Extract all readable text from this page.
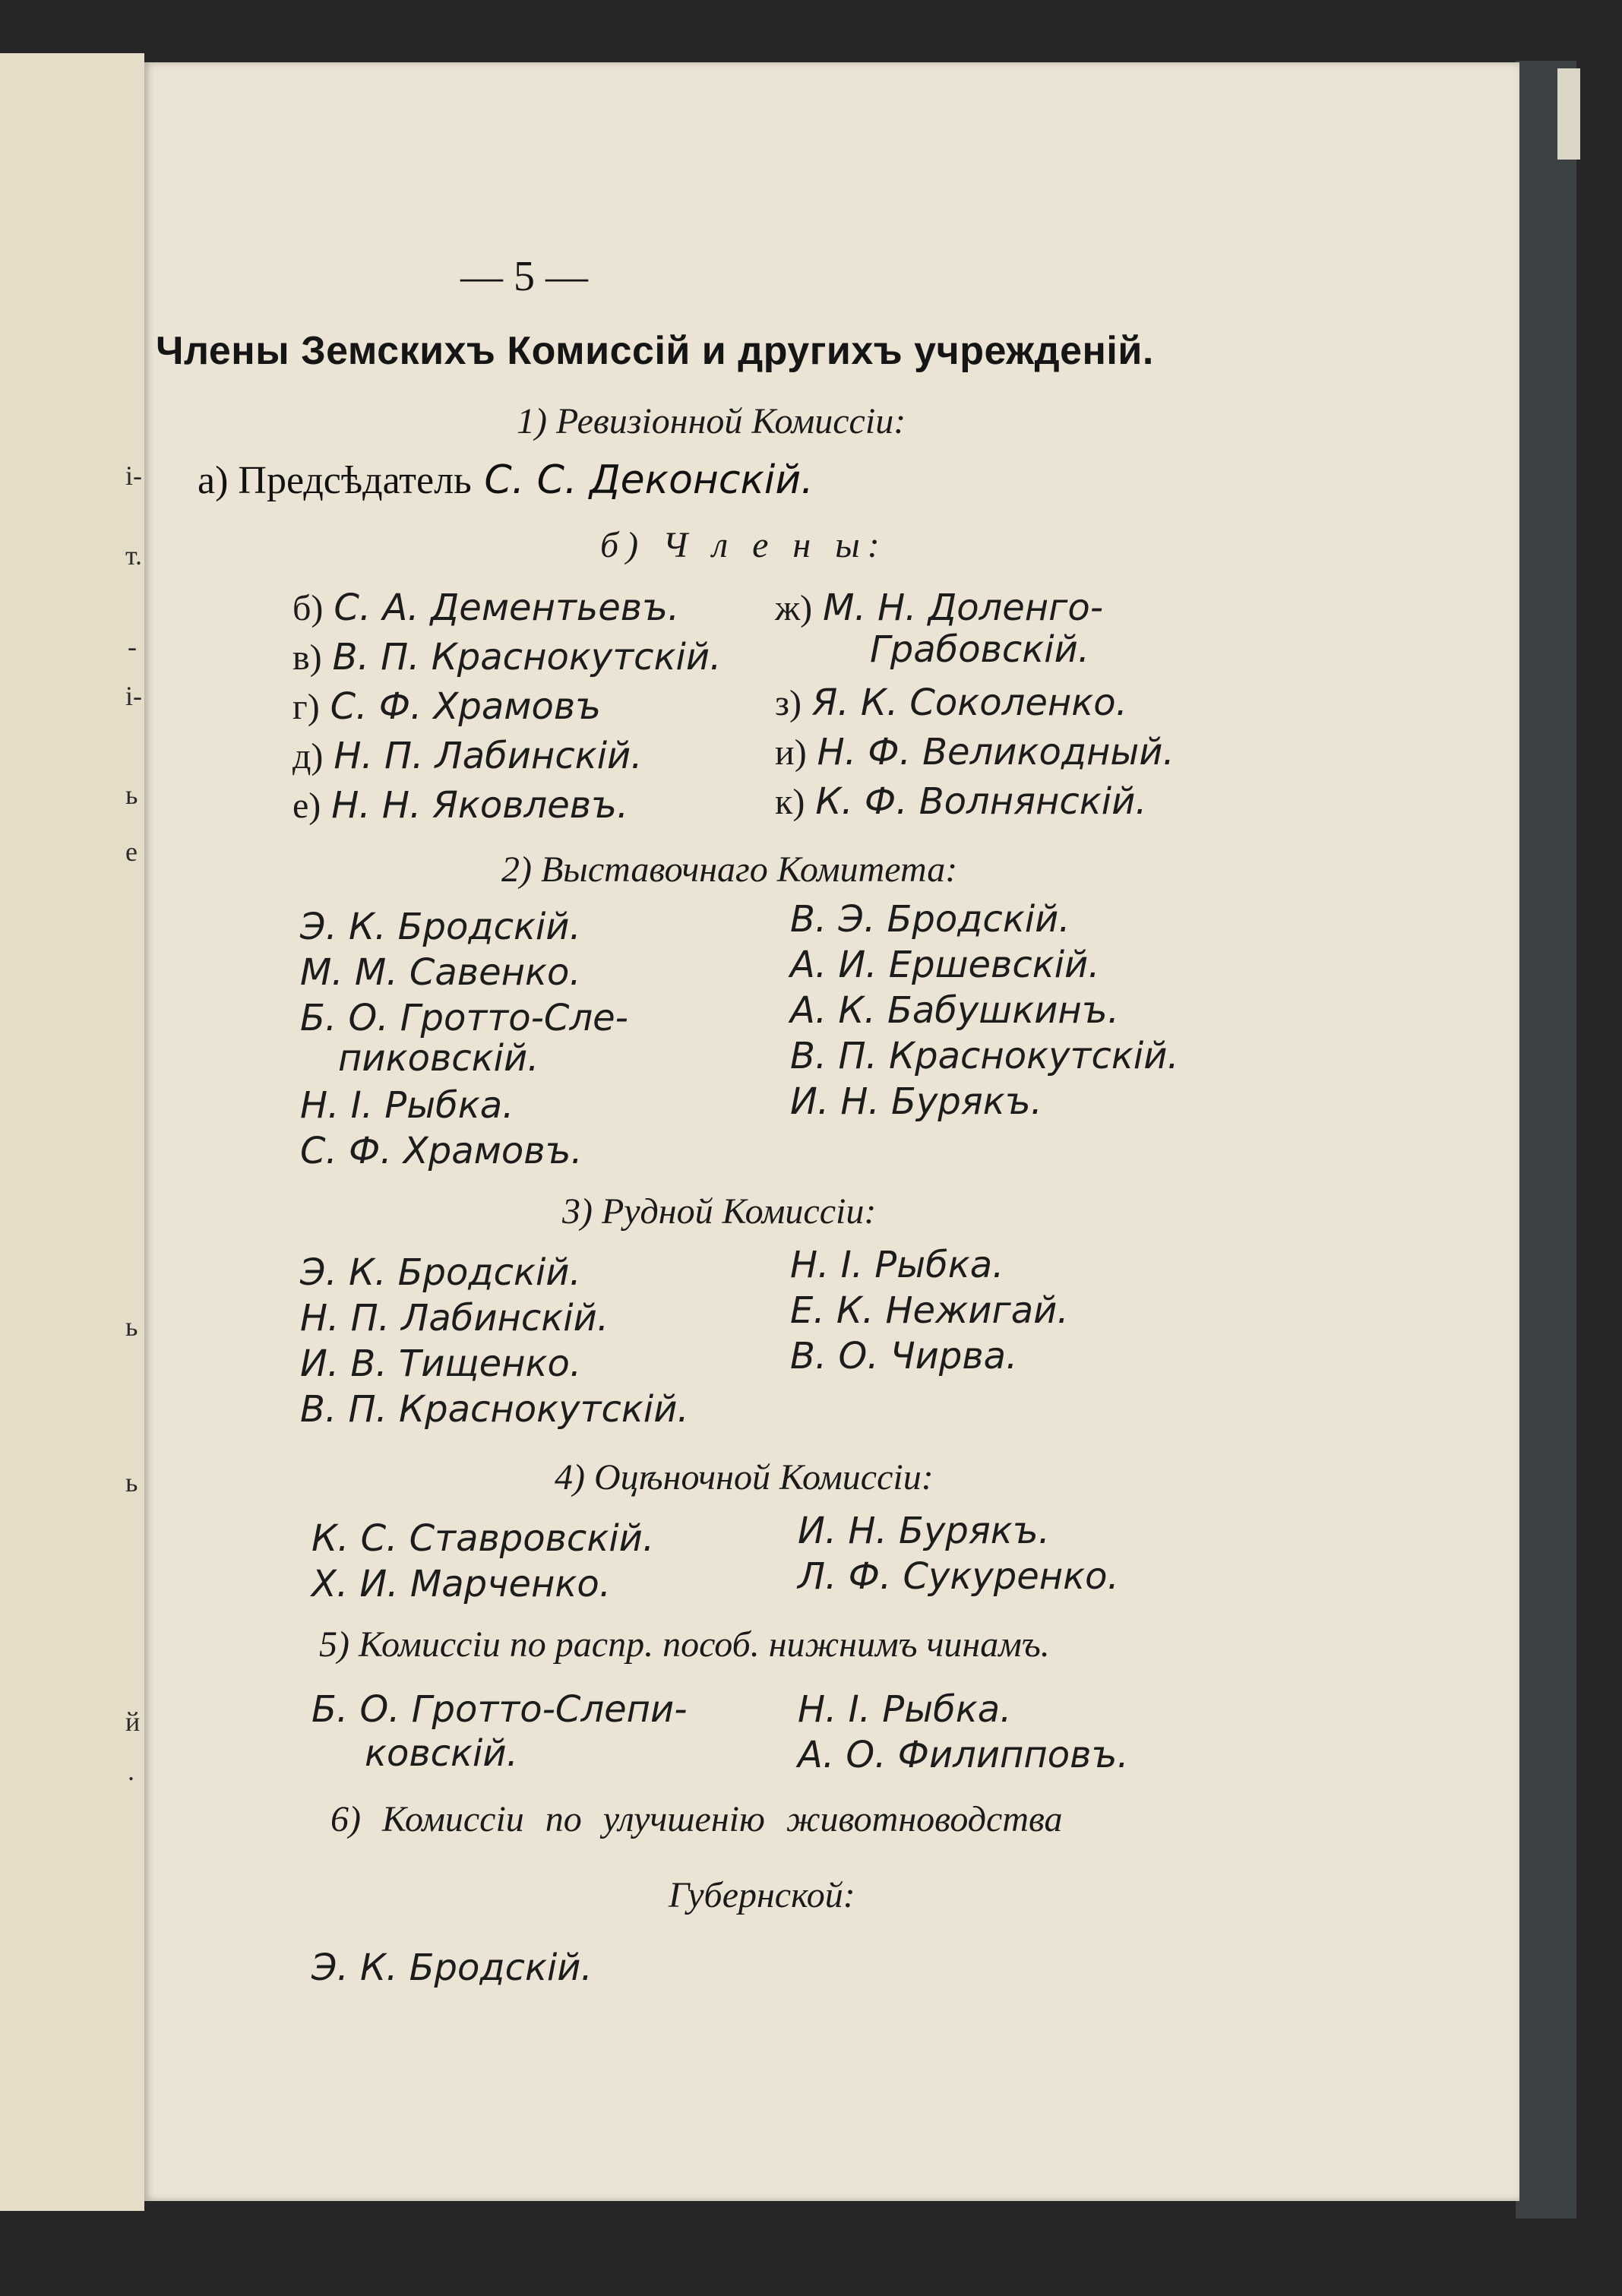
і-
т.
-
і-
ь
е
ь
ь
й
.
— 5 —
Члены Земскихъ Комиссій и другихъ учрежденій.
1) Ревизіонной Комиссіи:
а) Предсѣдатель С. С. Деконскій.
б) Ч л е н ы:
б) С. А. Дементьевъ.
в) В. П. Краснокутскій.
г) С. Ф. Храмовъ
д) Н. П. Лабинскій.
е) Н. Н. Яковлевъ.
ж) М. Н. Доленго-
Грабовскій.
з) Я. К. Соколенко.
и) Н. Ф. Великодный.
к) К. Ф. Волнянскій.
2) Выставочнаго Комитета:
Э. К. Бродскій.
М. М. Савенко.
Б. О. Гротто-Сле-
пиковскій.
Н. І. Рыбка.
С. Ф. Храмовъ.
В. Э. Бродскій.
А. И. Ершевскій.
А. К. Бабушкинъ.
В. П. Краснокутскій.
И. Н. Бурякъ.
3) Рудной Комиссіи:
Э. К. Бродскій.
Н. П. Лабинскій.
И. В. Тищенко.
В. П. Краснокутскій.
Н. І. Рыбка.
Е. К. Нежигай.
В. О. Чирва.
4) Оцѣночной Комиссіи:
К. С. Ставровскій.
Х. И. Марченко.
И. Н. Бурякъ.
Л. Ф. Сукуренко.
5) Комиссіи по распр. пособ. нижнимъ чинамъ.
Б. О. Гротто-Слепи-
ковскій.
Н. І. Рыбка.
А. О. Филипповъ.
6) Комиссіи по улучшенію животноводства
Губернской:
Э. К. Бродскій.
